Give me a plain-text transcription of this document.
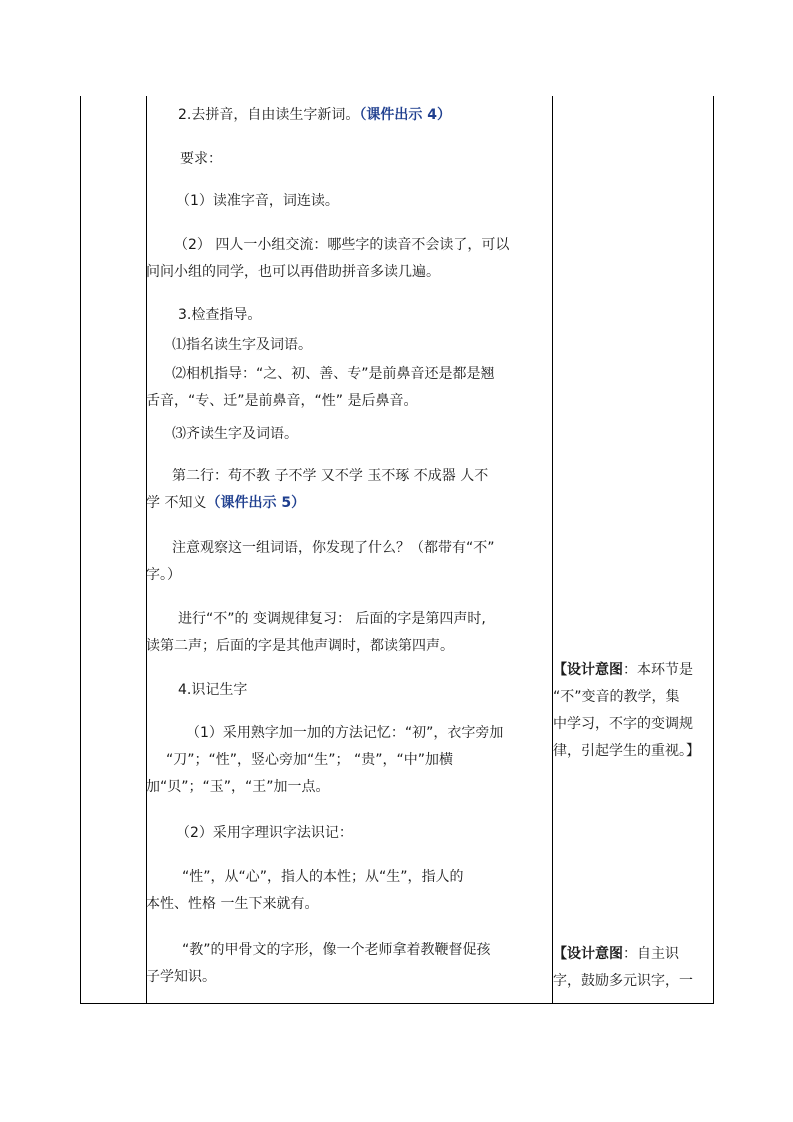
2.去拼音，自由读生字新词。（课件出示 4）
要求：
（1）读准字音，词连读。
（2） 四人一小组交流：哪些字的读音不会读了，可以
问问小组的同学，也可以再借助拼音多读几遍。
3.检查指导。
⑴指名读生字及词语。
⑵相机指导：“之、初、善、专”是前鼻音还是都是翘
舌音，“专、迁”是前鼻音，“性” 是后鼻音。
⑶齐读生字及词语。
第二行：苟不教 子不学 又不学 玉不琢 不成器 人不
学 不知义（课件出示 5）
注意观察这一组词语，你发现了什么？（都带有“不”
字。）
进行“不”的 变调规律复习： 后面的字是第四声时,
读第二声；后面的字是其他声调时，都读第四声。
4.识记生字
（1）采用熟字加一加的方法记忆：“初”，衣字旁加
“刀”；“性”，竖心旁加“生”； “贵”，“中”加横
加“贝”；“玉”，“王”加一点。
（2）采用字理识字法识记：
“性”，从“心”，指人的本性；从“生”，指人的
本性、性格 一生下来就有。
“教”的甲骨文的字形，像一个老师拿着教鞭督促孩
子学知识。
【设计意图：本环节是
“不”变音的教学，集
中学习，不字的变调规
律，引起学生的重视。】
【设计意图：自主识
字，鼓励多元识字，一
